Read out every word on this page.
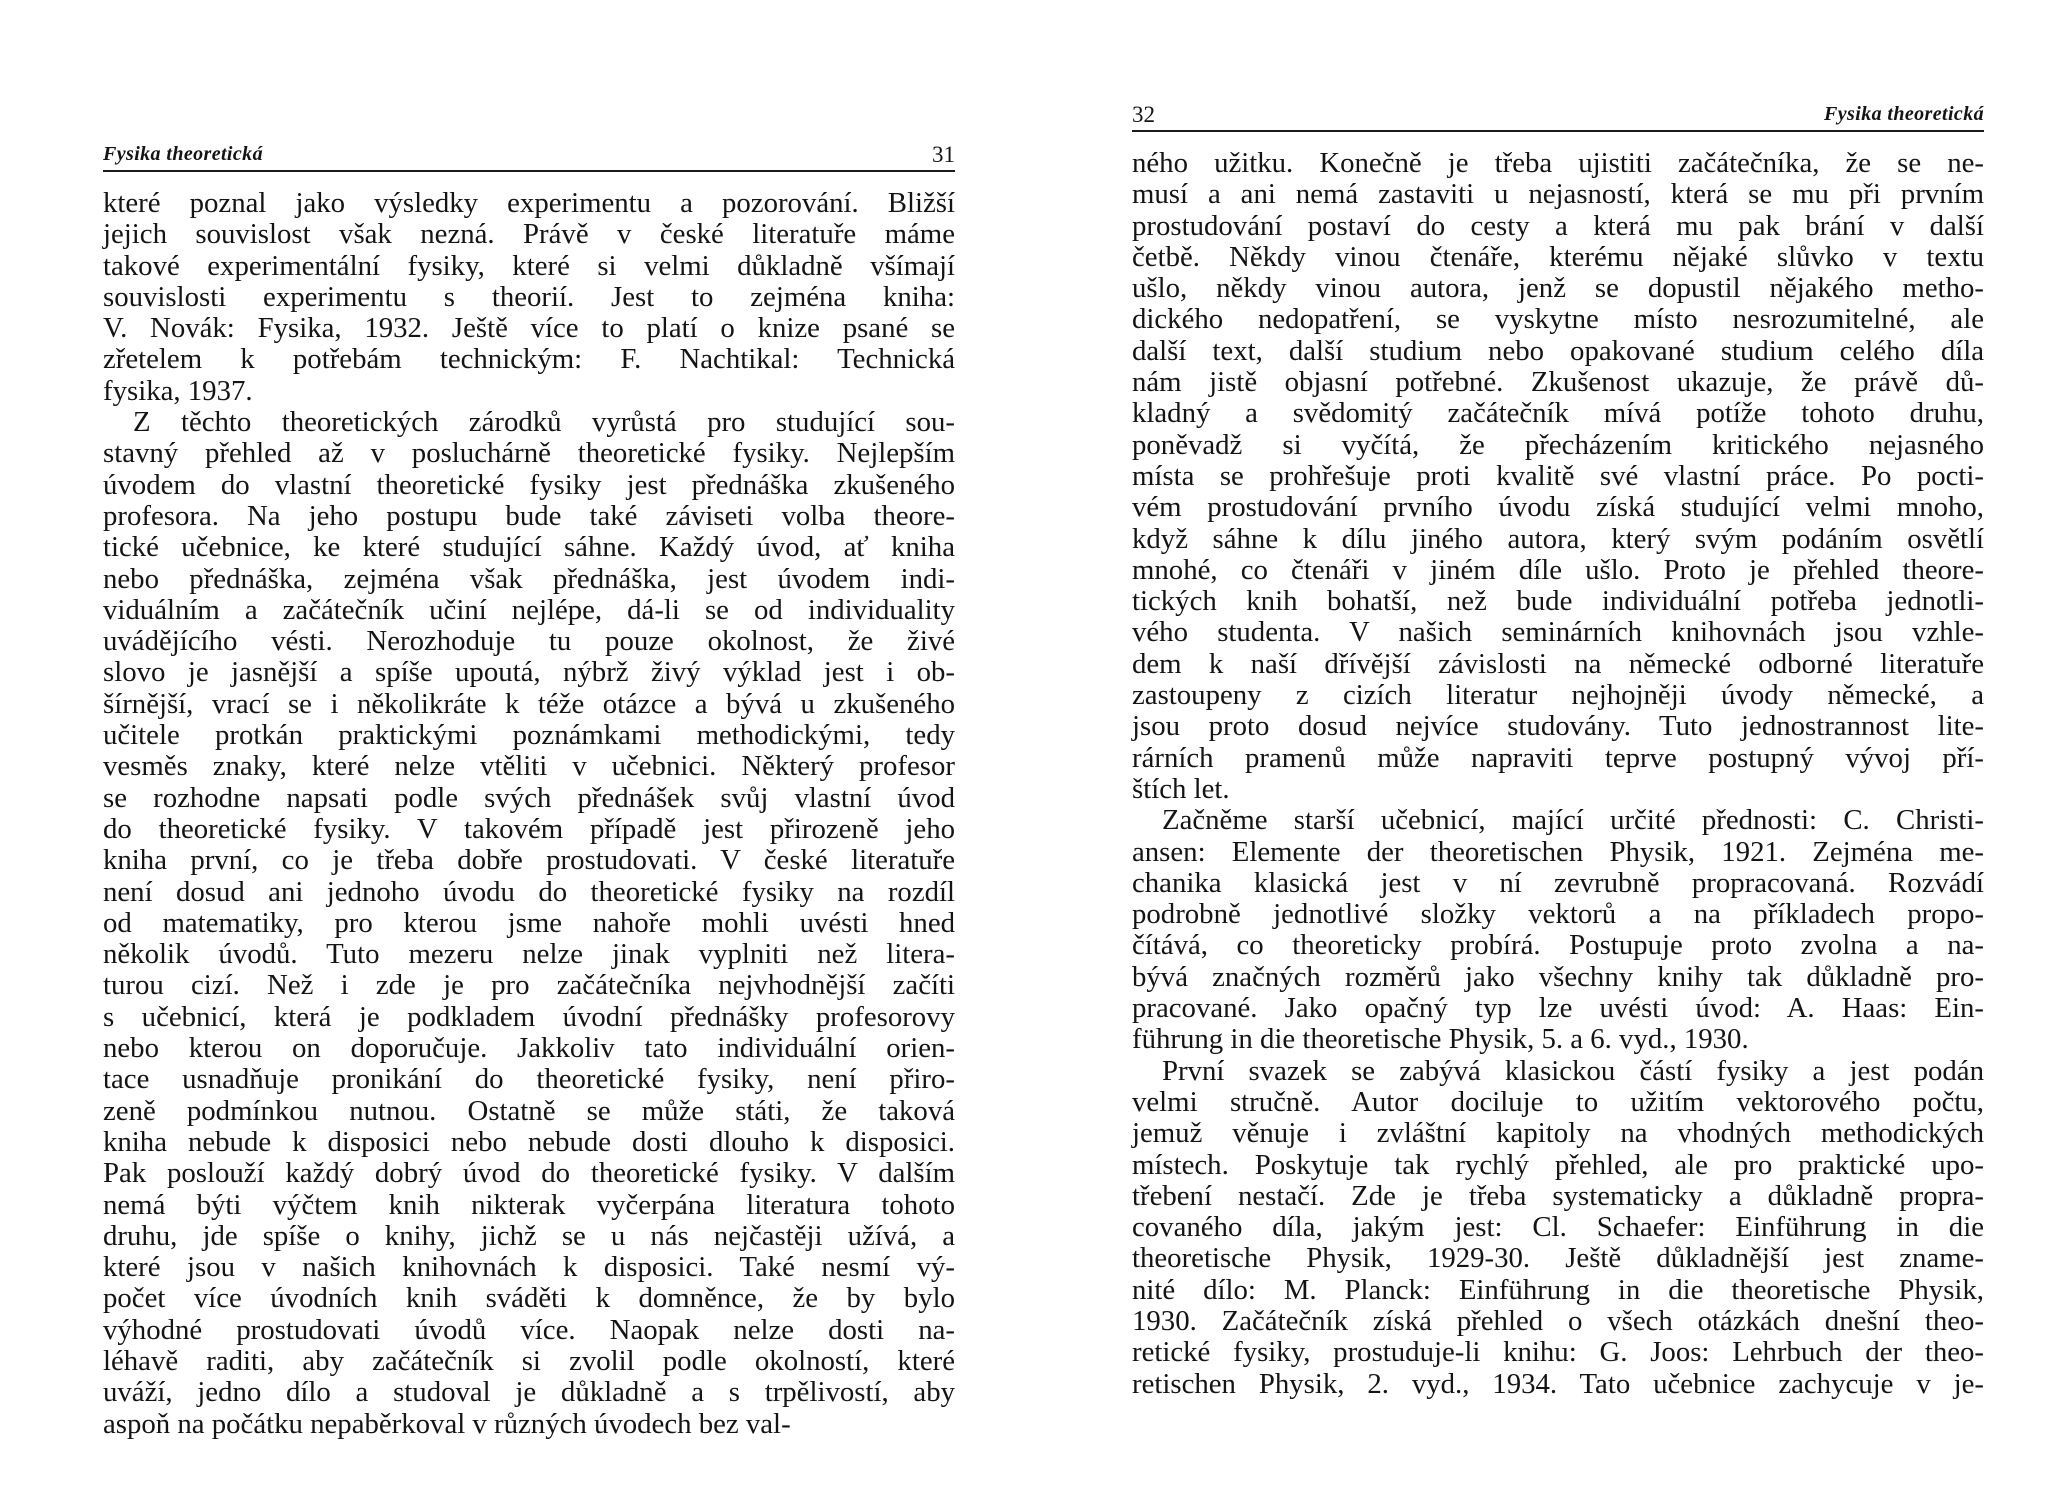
Fysika theoretická	31
které poznal jako výsledky experimentu a pozorování. Bližší
jejich souvislost však nezná. Právě v české literatuře máme
takové experimentální fysiky, které si velmi důkladně všímají
souvislosti experimentu s theorií. Jest to zejména kniha:
V. Novák: Fysika, 1932. Ještě více to platí o knize psané se
zřetelem k potřebám technickým: F. Nachtikal: Technická
fysika, 1937.
Z těchto theoretických zárodků vyrůstá pro studující sou-
stavný přehled až v posluchárně theoretické fysiky. Nejlepším
úvodem do vlastní theoretické fysiky jest přednáška zkušeného
profesora. Na jeho postupu bude také záviseti volba theore-
tické učebnice, ke které studující sáhne. Každý úvod, ať kniha
nebo přednáška, zejména však přednáška, jest úvodem indi-
viduálním a začátečník učiní nejlépe, dá-li se od individuality
uvádějícího vésti. Nerozhoduje tu pouze okolnost, že živé
slovo je jasnější a spíše upoutá, nýbrž živý výklad jest i ob-
šírnější, vrací se i několikráte k téže otázce a bývá u zkušeného
učitele protkán praktickými poznámkami methodickými, tedy
vesměs znaky, které nelze vtěliti v učebnici. Některý profesor
se rozhodne napsati podle svých přednášek svůj vlastní úvod
do theoretické fysiky. V takovém případě jest přirozeně jeho
kniha první, co je třeba dobře prostudovati. V české literatuře
není dosud ani jednoho úvodu do theoretické fysiky na rozdíl
od matematiky, pro kterou jsme nahoře mohli uvésti hned
několik úvodů. Tuto mezeru nelze jinak vyplniti než litera-
turou cizí. Než i zde je pro začátečníka nejvhodnější začíti
s učebnicí, která je podkladem úvodní přednášky profesorovy
nebo kterou on doporučuje. Jakkoliv tato individuální orien-
tace usnadňuje pronikání do theoretické fysiky, není přiro-
zeně podmínkou nutnou. Ostatně se může státi, že taková
kniha nebude k disposici nebo nebude dosti dlouho k disposici.
Pak poslouží každý dobrý úvod do theoretické fysiky. V dalším
nemá býti výčtem knih nikterak vyčerpána literatura tohoto
druhu, jde spíše o knihy, jichž se u nás nejčastěji užívá, a
které jsou v našich knihovnách k disposici. Také nesmí vý-
počet více úvodních knih sváděti k domněnce, že by bylo
výhodné prostudovati úvodů více. Naopak nelze dosti na-
léhavě raditi, aby začátečník si zvolil podle okolností, které
uváží, jedno dílo a studoval je důkladně a s trpělivostí, aby
aspoň na počátku nepaběrkoval v různých úvodech bez val-
32	Fysika theoretická
ného užitku. Konečně je třeba ujistiti začátečníka, že se ne-
musí a ani nemá zastaviti u nejasností, která se mu při prvním
prostudování postaví do cesty a která mu pak brání v další
četbě. Někdy vinou čtenáře, kterému nějaké slůvko v textu
ušlo, někdy vinou autora, jenž se dopustil nějakého metho-
dického nedopatření, se vyskytne místo nesrozumitelné, ale
další text, další studium nebo opakované studium celého díla
nám jistě objasní potřebné. Zkušenost ukazuje, že právě dů-
kladný a svědomitý začátečník mívá potíže tohoto druhu,
poněvadž si vyčítá, že přecházením kritického nejasného
místa se prohřešuje proti kvalitě své vlastní práce. Po pocti-
vém prostudování prvního úvodu získá studující velmi mnoho,
když sáhne k dílu jiného autora, který svým podáním osvětlí
mnohé, co čtenáři v jiném díle ušlo. Proto je přehled theore-
tických knih bohatší, než bude individuální potřeba jednotli-
vého studenta. V našich seminárních knihovnách jsou vzhle-
dem k naší dřívější závislosti na německé odborné literatuře
zastoupeny z cizích literatur nejhojněji úvody německé, a
jsou proto dosud nejvíce studovány. Tuto jednostrannost lite-
rárních pramenů může napraviti teprve postupný vývoj pří-
štích let.
Začněme starší učebnicí, mající určité přednosti: C. Christi-
ansen: Elemente der theoretischen Physik, 1921. Zejména me-
chanika klasická jest v ní zevrubně propracovaná. Rozvádí
podrobně jednotlivé složky vektorů a na příkladech propo-
čítává, co theoreticky probírá. Postupuje proto zvolna a na-
bývá značných rozměrů jako všechny knihy tak důkladně pro-
pracované. Jako opačný typ lze uvésti úvod: A. Haas: Ein-
führung in die theoretische Physik, 5. a 6. vyd., 1930.
První svazek se zabývá klasickou částí fysiky a jest podán
velmi stručně. Autor dociluje to užitím vektorového počtu,
jemuž věnuje i zvláštní kapitoly na vhodných methodických
místech. Poskytuje tak rychlý přehled, ale pro praktické upo-
třebení nestačí. Zde je třeba systematicky a důkladně propra-
covaného díla, jakým jest: Cl. Schaefer: Einführung in die
theoretische Physik, 1929-30. Ještě důkladnější jest zname-
nité dílo: M. Planck: Einführung in die theoretische Physik,
1930. Začátečník získá přehled o všech otázkách dnešní theo-
retické fysiky, prostuduje-li knihu: G. Joos: Lehrbuch der theo-
retischen Physik, 2. vyd., 1934. Tato učebnice zachycuje v je-
